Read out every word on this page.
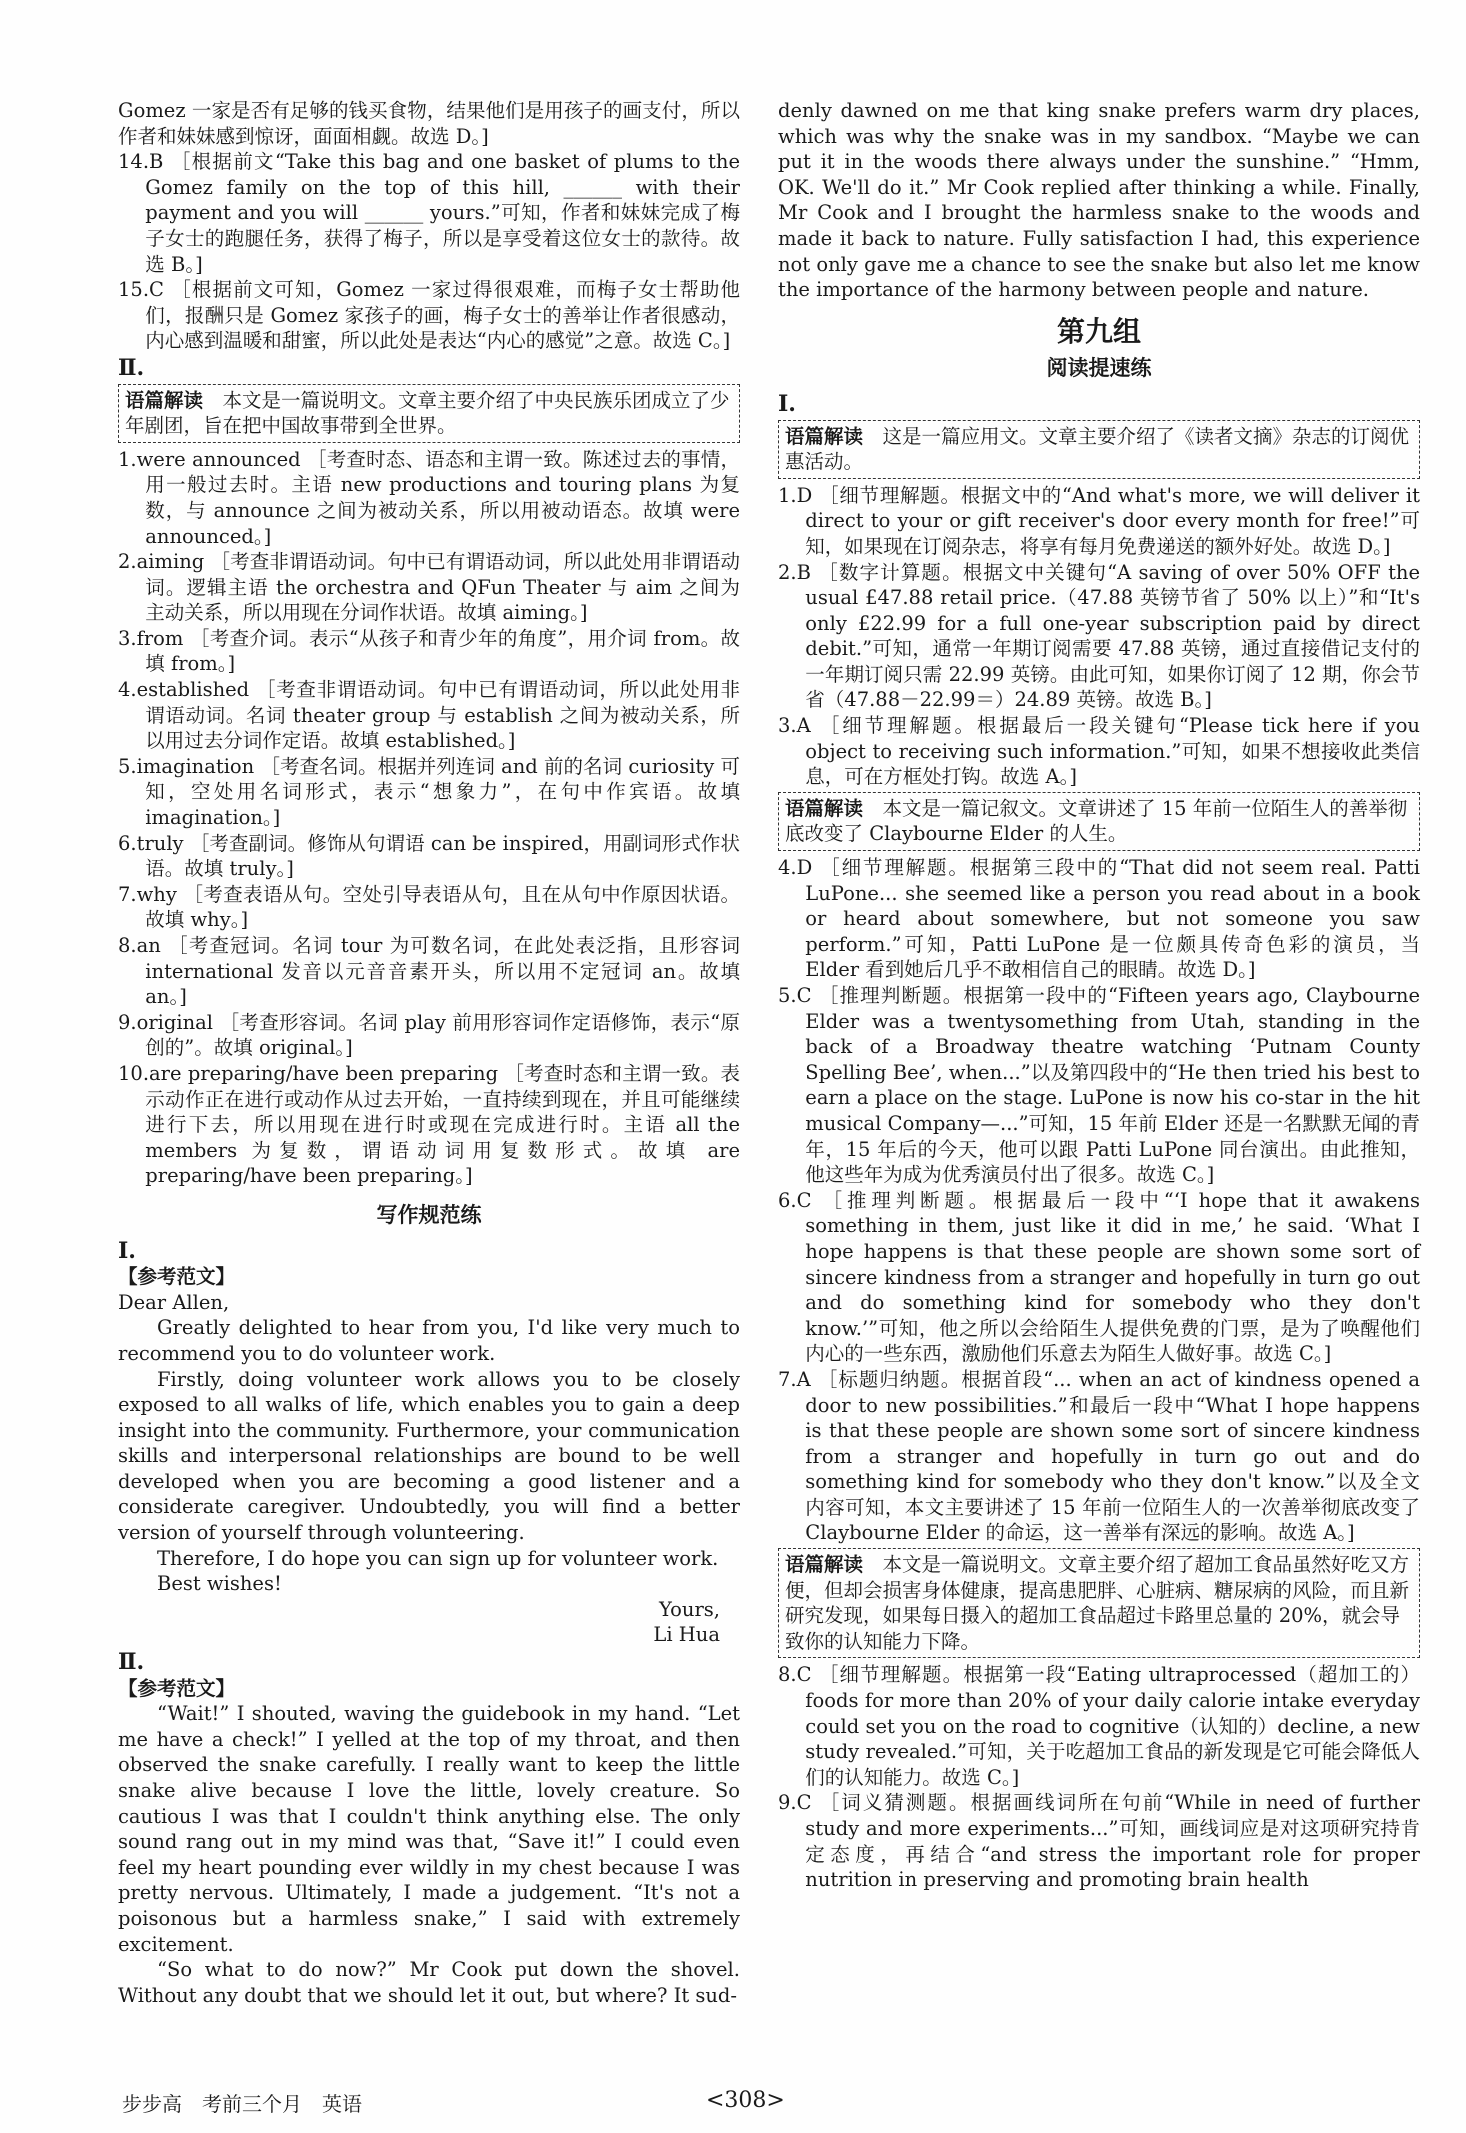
Gomez 一家是否有足够的钱买食物，结果他们是用孩子的画支付，所以作者和妹妹感到惊讶，面面相觑。故选 D。]

14.B ［根据前文“Take this bag and one basket of plums to the Gomez family on the top of this hill, ______ with their payment and you will ______ yours.”可知，作者和妹妹完成了梅子女士的跑腿任务，获得了梅子，所以是享受着这位女士的款待。故选 B。]

15.C ［根据前文可知，Gomez 一家过得很艰难，而梅子女士帮助他们，报酬只是 Gomez 家孩子的画，梅子女士的善举让作者很感动，内心感到温暖和甜蜜，所以此处是表达“内心的感觉”之意。故选 C。]

Ⅱ.
语篇解读　 本文是一篇说明文。文章主要介绍了中央民族乐团成立了少年剧团，旨在把中国故事带到全世界。

1.were announced ［考查时态、语态和主谓一致。陈述过去的事情，用一般过去时。主语 new productions and touring plans 为复数，与 announce 之间为被动关系，所以用被动语态。故填 were announced。]

2.aiming ［考查非谓语动词。句中已有谓语动词，所以此处用非谓语动词。逻辑主语 the orchestra and QFun Theater 与 aim 之间为主动关系，所以用现在分词作状语。故填 aiming。]

3.from ［考查介词。表示“从孩子和青少年的角度”，用介词 from。故填 from。]

4.established ［考查非谓语动词。句中已有谓语动词，所以此处用非谓语动词。名词 theater group 与 establish 之间为被动关系，所以用过去分词作定语。故填 established。]

5.imagination ［考查名词。根据并列连词 and 前的名词 curiosity 可知，空处用名词形式，表示“想象力”，在句中作宾语。故填 imagination。]

6.truly ［考查副词。修饰从句谓语 can be inspired，用副词形式作状语。故填 truly。]

7.why ［考查表语从句。空处引导表语从句，且在从句中作原因状语。故填 why。]

8.an ［考查冠词。名词 tour 为可数名词，在此处表泛指，且形容词 international 发音以元音音素开头，所以用不定冠词 an。故填 an。]

9.original ［考查形容词。名词 play 前用形容词作定语修饰，表示“原创的”。故填 original。]

10.are preparing/have been preparing ［考查时态和主谓一致。表示动作正在进行或动作从过去开始，一直持续到现在，并且可能继续进行下去，所以用现在进行时或现在完成进行时。主语 all the members 为复数，谓语动词用复数形式。故填 are preparing/have been preparing。]

写作规范练
Ⅰ.
【参考范文】

Dear Allen,

Greatly delighted to hear from you, I'd like very much to recommend you to do volunteer work.

Firstly, doing volunteer work allows you to be closely exposed to all walks of life, which enables you to gain a deep insight into the community. Furthermore, your communication skills and interpersonal relationships are bound to be well developed when you are becoming a good listener and a considerate caregiver. Undoubtedly, you will find a better version of yourself through volunteering.

Therefore, I do hope you can sign up for volunteer work.

Best wishes!

Yours,

Li Hua

Ⅱ.
【参考范文】

“Wait!” I shouted, waving the guidebook in my hand. “Let me have a check!” I yelled at the top of my throat, and then observed the snake carefully. I really want to keep the little snake alive because I love the little, lovely creature. So cautious I was that I couldn't think anything else. The only sound rang out in my mind was that, “Save it!” I could even feel my heart pounding ever wildly in my chest because I was pretty nervous. Ultimately, I made a judgement. “It's not a poisonous but a harmless snake,” I said with extremely excitement.

“So what to do now?” Mr Cook put down the shovel. Without any doubt that we should let it out, but where? It sud-

denly dawned on me that king snake prefers warm dry places, which was why the snake was in my sandbox. “Maybe we can put it in the woods there always under the sunshine.” “Hmm, OK. We'll do it.” Mr Cook replied after thinking a while. Finally, Mr Cook and I brought the harmless snake to the woods and made it back to nature. Fully satisfaction I had, this experience not only gave me a chance to see the snake but also let me know the importance of the harmony between people and nature.

第九组
阅读提速练
Ⅰ.
语篇解读　 这是一篇应用文。文章主要介绍了《读者文摘》杂志的订阅优惠活动。

1.D ［细节理解题。根据文中的“And what's more, we will deliver it direct to your or gift receiver's door every month for free!”可知，如果现在订阅杂志，将享有每月免费递送的额外好处。故选 D。]

2.B ［数字计算题。根据文中关键句“A saving of over 50% OFF the usual £47.88 retail price.（47.88 英镑节省了 50% 以上）”和“It's only £22.99 for a full one-year subscription paid by direct debit.”可知，通常一年期订阅需要 47.88 英镑，通过直接借记支付的一年期订阅只需 22.99 英镑。由此可知，如果你订阅了 12 期，你会节省（47.88－22.99＝）24.89 英镑。故选 B。]

3.A ［细节理解题。根据最后一段关键句“Please tick here if you object to receiving such information.”可知，如果不想接收此类信息，可在方框处打钩。故选 A。]

语篇解读　 本文是一篇记叙文。文章讲述了 15 年前一位陌生人的善举彻底改变了 Claybourne Elder 的人生。

4.D ［细节理解题。根据第三段中的“That did not seem real. Patti LuPone... she seemed like a person you read about in a book or heard about somewhere, but not someone you saw perform.”可知，Patti LuPone 是一位颇具传奇色彩的演员，当 Elder 看到她后几乎不敢相信自己的眼睛。故选 D。]

5.C ［推理判断题。根据第一段中的“Fifteen years ago, Claybourne Elder was a twentysomething from Utah, standing in the back of a Broadway theatre watching ‘Putnam County Spelling Bee’, when...”以及第四段中的“He then tried his best to earn a place on the stage. LuPone is now his co-star in the hit musical Company—...”可知，15 年前 Elder 还是一名默默无闻的青年，15 年后的今天，他可以跟 Patti LuPone 同台演出。由此推知，他这些年为成为优秀演员付出了很多。故选 C。]

6.C ［推理判断题。根据最后一段中“‘I hope that it awakens something in them, just like it did in me,’ he said. ‘What I hope happens is that these people are shown some sort of sincere kindness from a stranger and hopefully in turn go out and do something kind for somebody who they don't know.’”可知，他之所以会给陌生人提供免费的门票，是为了唤醒他们内心的一些东西，激励他们乐意去为陌生人做好事。故选 C。]

7.A ［标题归纳题。根据首段“... when an act of kindness opened a door to new possibilities.”和最后一段中“What I hope happens is that these people are shown some sort of sincere kindness from a stranger and hopefully in turn go out and do something kind for somebody who they don't know.”以及全文内容可知，本文主要讲述了 15 年前一位陌生人的一次善举彻底改变了 Claybourne Elder 的命运，这一善举有深远的影响。故选 A。]

语篇解读　 本文是一篇说明文。文章主要介绍了超加工食品虽然好吃又方便，但却会损害身体健康，提高患肥胖、心脏病、糖尿病的风险，而且新研究发现，如果每日摄入的超加工食品超过卡路里总量的 20%，就会导致你的认知能力下降。

8.C ［细节理解题。根据第一段“Eating ultraprocessed（超加工的）foods for more than 20% of your daily calorie intake everyday could set you on the road to cognitive（认知的）decline, a new study revealed.”可知，关于吃超加工食品的新发现是它可能会降低人们的认知能力。故选 C。]

9.C ［词义猜测题。根据画线词所在句前“While in need of further study and more experiments...”可知，画线词应是对这项研究持肯定态度，再结合“and stress the important role for proper nutrition in preserving and promoting brain health

步步高　考前三个月　英语	<308>
